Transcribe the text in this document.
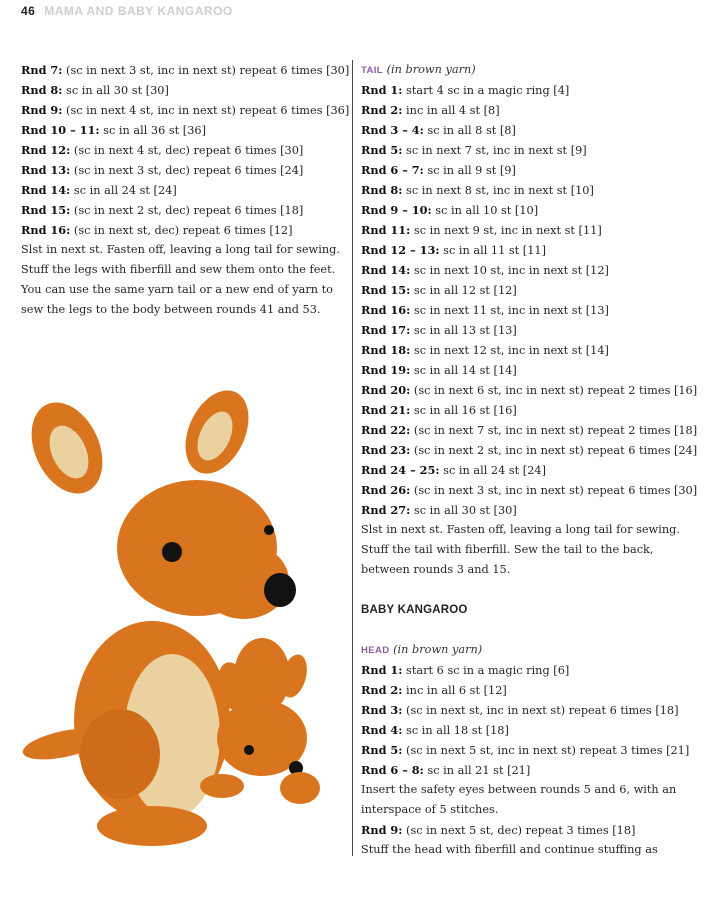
46 MAMA AND BABY KANGAROO
Rnd 7: (sc in next 3 st, inc in next st) repeat 6 times [30]
Rnd 8: sc in all 30 st [30]
Rnd 9: (sc in next 4 st, inc in next st) repeat 6 times [36]
Rnd 10 – 11: sc in all 36 st [36]
Rnd 12: (sc in next 4 st, dec) repeat 6 times [30]
Rnd 13: (sc in next 3 st, dec) repeat 6 times [24]
Rnd 14: sc in all 24 st [24]
Rnd 15: (sc in next 2 st, dec) repeat 6 times [18]
Rnd 16: (sc in next st, dec) repeat 6 times [12]
Slst in next st. Fasten off, leaving a long tail for sewing.
Stuff the legs with fiberfill and sew them onto the feet.
You can use the same yarn tail or a new end of yarn to
sew the legs to the body between rounds 41 and 53.
TAIL (in brown yarn)
Rnd 1: start 4 sc in a magic ring [4]
Rnd 2: inc in all 4 st [8]
Rnd 3 – 4: sc in all 8 st [8]
Rnd 5: sc in next 7 st, inc in next st [9]
Rnd 6 – 7: sc in all 9 st [9]
Rnd 8: sc in next 8 st, inc in next st [10]
Rnd 9 – 10: sc in all 10 st [10]
Rnd 11: sc in next 9 st, inc in next st [11]
Rnd 12 – 13: sc in all 11 st [11]
Rnd 14: sc in next 10 st, inc in next st [12]
Rnd 15: sc in all 12 st [12]
Rnd 16: sc in next 11 st, inc in next st [13]
Rnd 17: sc in all 13 st [13]
Rnd 18: sc in next 12 st, inc in next st [14]
Rnd 19: sc in all 14 st [14]
Rnd 20: (sc in next 6 st, inc in next st) repeat 2 times [16]
Rnd 21: sc in all 16 st [16]
Rnd 22: (sc in next 7 st, inc in next st) repeat 2 times [18]
Rnd 23: (sc in next 2 st, inc in next st) repeat 6 times [24]
Rnd 24 – 25: sc in all 24 st [24]
Rnd 26: (sc in next 3 st, inc in next st) repeat 6 times [30]
Rnd 27: sc in all 30 st [30]
Slst in next st. Fasten off, leaving a long tail for sewing.
Stuff the tail with fiberfill. Sew the tail to the back,
between rounds 3 and 15.
BABY KANGAROO
HEAD (in brown yarn)
Rnd 1: start 6 sc in a magic ring [6]
Rnd 2: inc in all 6 st [12]
Rnd 3: (sc in next st, inc in next st) repeat 6 times [18]
Rnd 4: sc in all 18 st [18]
Rnd 5: (sc in next 5 st, inc in next st) repeat 3 times [21]
Rnd 6 – 8: sc in all 21 st [21]
Insert the safety eyes between rounds 5 and 6, with an
interspace of 5 stitches.
Rnd 9: (sc in next 5 st, dec) repeat 3 times [18]
Stuff the head with fiberfill and continue stuffing as
